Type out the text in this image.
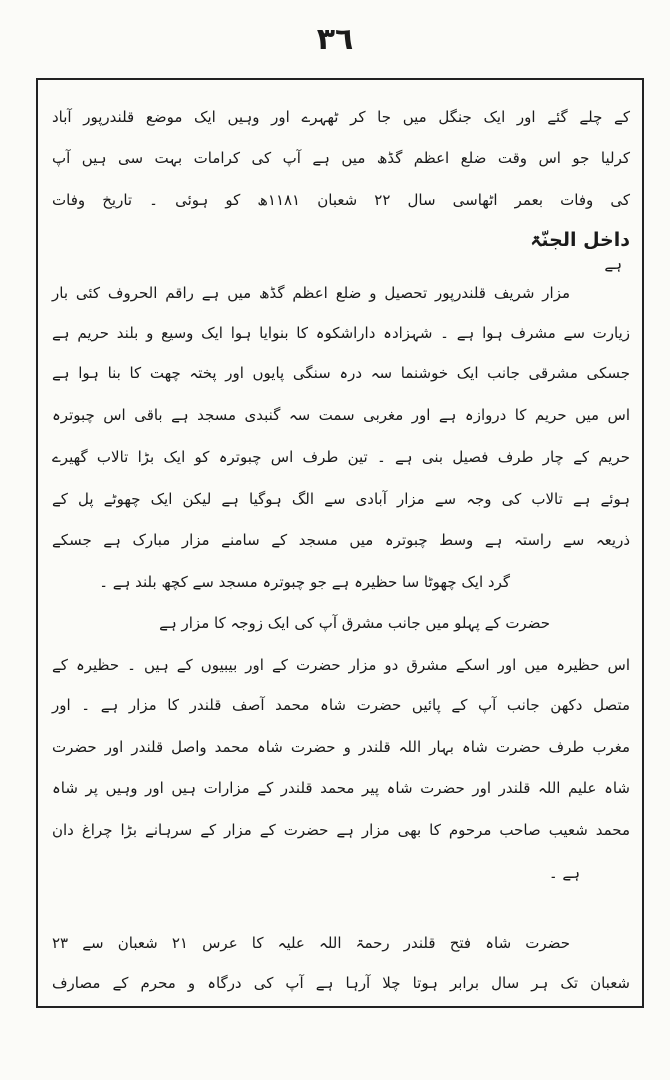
٣٦
کے چلے گئے اور ایک جنگل میں جا کر ٹھہرے اور وہیں ایک موضع قلندرپور آباد
کرلیا جو اس وقت ضلع اعظم گڈھ میں ہے آپ کی کرامات بہت سی ہیں آپ
کی وفات بعمر اٹھاسی سال ۲۲ شعبان ١١٨١ھ کو ہوئی ۔ تاریخ وفات
داخل الجنّۃ
ہے
مزار شریف قلندرپور تحصیل و ضلع اعظم گڈھ میں ہے راقم الحروف کئی بار
زیارت سے مشرف ہوا ہے ۔ شہزادہ داراشکوہ کا بنوایا ہوا ایک وسیع و بلند حریم ہے
جسکی مشرقی جانب ایک خوشنما سہ درہ سنگی پایوں اور پختہ چھت کا بنا ہوا ہے
اس میں حریم کا دروازہ ہے اور مغربی سمت سہ گنبدی مسجد ہے باقی اس چبوترہ
حریم کے چار طرف فصیل بنی ہے ۔ تین طرف اس چبوترہ کو ایک بڑا تالاب گھیرے
ہوئے ہے تالاب کی وجہ سے مزار آبادی سے الگ ہوگیا ہے لیکن ایک چھوٹے پل کے
ذریعہ سے راستہ ہے وسط چبوترہ میں مسجد کے سامنے مزار مبارک ہے جسکے
گرد ایک چھوٹا سا حظیرہ ہے جو چبوترہ مسجد سے کچھ بلند ہے ۔
حضرت کے پہلو میں جانب مشرق آپ کی ایک زوجہ کا مزار ہے
اس حظیرہ میں اور اسکے مشرق دو مزار حضرت کے اور بیبیوں کے ہیں ۔ حظیرہ کے
متصل دکھن جانب آپ کے پائیں حضرت شاہ محمد آصف قلندر کا مزار ہے ۔ اور
مغرب طرف حضرت شاہ بہار اللہ قلندر و حضرت شاہ محمد واصل قلندر اور حضرت
شاہ علیم اللہ قلندر اور حضرت شاہ پیر محمد قلندر کے مزارات ہیں اور وہیں پر شاہ
محمد شعیب صاحب مرحوم کا بھی مزار ہے حضرت کے مزار کے سرہانے بڑا چراغ دان
ہے ۔
حضرت شاہ فتح قلندر رحمۃ اللہ علیہ کا عرس ۲۱ شعبان سے ۲۳
شعبان تک ہر سال برابر ہوتا چلا آرہا ہے آپ کی درگاہ و محرم کے مصارف
